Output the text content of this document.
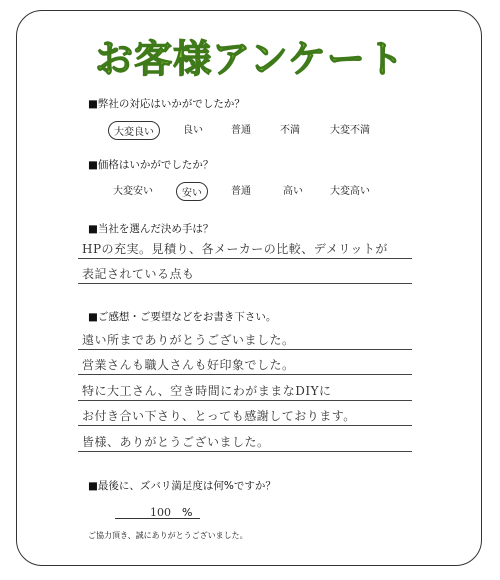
お客様アンケート
■弊社の対応はいかがでしたか？
大変良い	良い	普通	不満	大変不満
■価格はいかがでしたか？
大変安い	安い	普通	高い	大変高い
■当社を選んだ決め手は？
HPの充実。見積り、各メーカーの比較、デメリットが
表記されている点も
■ご感想・ご要望などをお書き下さい。
遠い所までありがとうございました。
営業さんも職人さんも好印象でした。
特に大工さん、空き時間にわがままなDIYに
お付き合い下さり、とっても感謝しております。
皆様、ありがとうございました。
■最後に、ズバリ満足度は何%ですか？
100 %
ご協力頂き、誠にありがとうございました。
